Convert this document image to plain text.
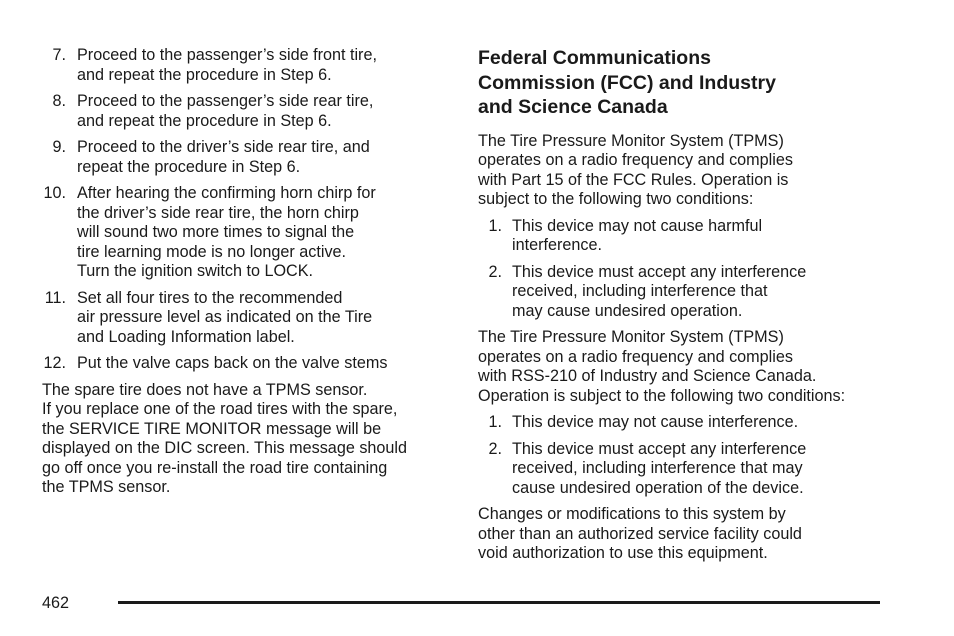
7. Proceed to the passenger’s side front tire,
and repeat the procedure in Step 6.
8. Proceed to the passenger’s side rear tire,
and repeat the procedure in Step 6.
9. Proceed to the driver’s side rear tire, and
repeat the procedure in Step 6.
10. After hearing the confirming horn chirp for
the driver’s side rear tire, the horn chirp
will sound two more times to signal the
tire learning mode is no longer active.
Turn the ignition switch to LOCK.
11. Set all four tires to the recommended
air pressure level as indicated on the Tire
and Loading Information label.
12. Put the valve caps back on the valve stems

The spare tire does not have a TPMS sensor.
If you replace one of the road tires with the spare,
the SERVICE TIRE MONITOR message will be
displayed on the DIC screen. This message should
go off once you re-install the road tire containing
the TPMS sensor.

Federal Communications
Commission (FCC) and Industry
and Science Canada

The Tire Pressure Monitor System (TPMS)
operates on a radio frequency and complies
with Part 15 of the FCC Rules. Operation is
subject to the following two conditions:

1. This device may not cause harmful
interference.
2. This device must accept any interference
received, including interference that
may cause undesired operation.

The Tire Pressure Monitor System (TPMS)
operates on a radio frequency and complies
with RSS-210 of Industry and Science Canada.
Operation is subject to the following two conditions:

1. This device may not cause interference.
2. This device must accept any interference
received, including interference that may
cause undesired operation of the device.

Changes or modifications to this system by
other than an authorized service facility could
void authorization to use this equipment.

462
